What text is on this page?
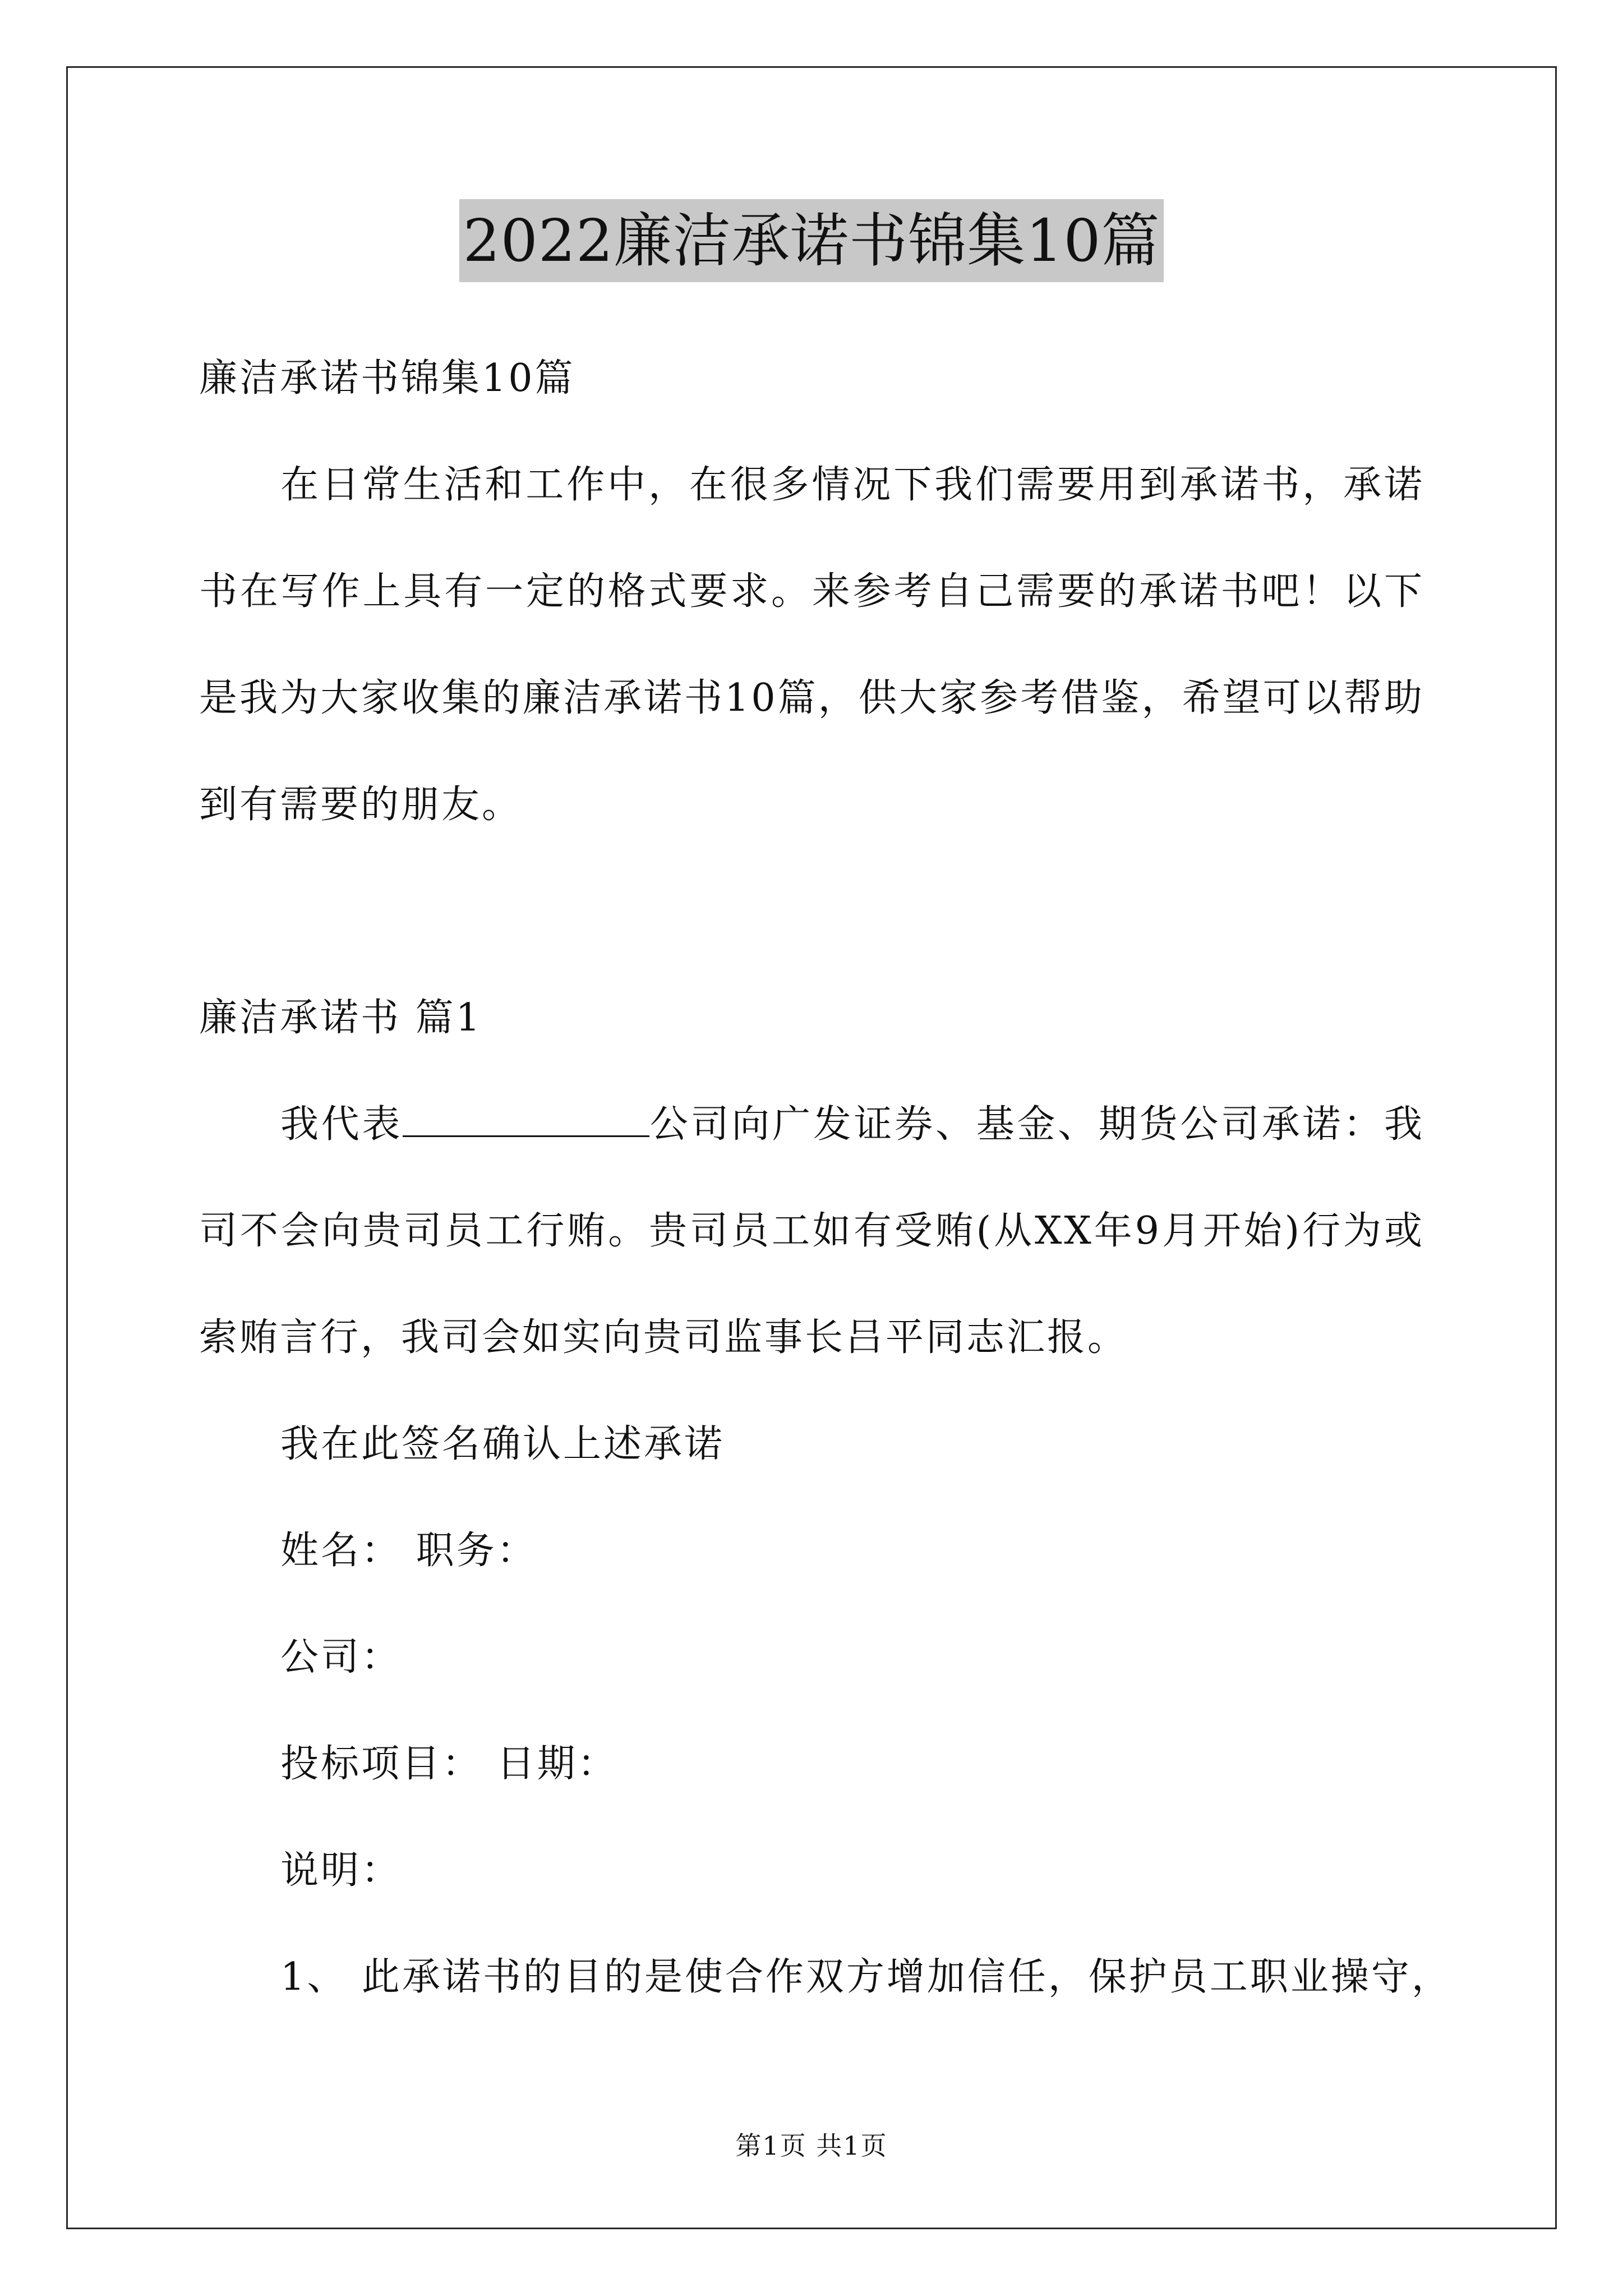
2022廉洁承诺书锦集10篇
廉洁承诺书锦集10篇
在日常生活和工作中，在很多情况下我们需要用到承诺书，承诺
书在写作上具有一定的格式要求。来参考自己需要的承诺书吧！以下
是我为大家收集的廉洁承诺书10篇，供大家参考借鉴，希望可以帮助
到有需要的朋友。
廉洁承诺书 篇1
我代表	公司向广发证券、基金、期货公司承诺：我
司不会向贵司员工行贿。贵司员工如有受贿(从XX年9月开始)行为或
索贿言行，我司会如实向贵司监事长吕平同志汇报。
我在此签名确认上述承诺
姓名： 职务：
公司：
投标项目： 日期：
说明：
1、 此承诺书的目的是使合作双方增加信任，保护员工职业操守，
第1页 共1页
